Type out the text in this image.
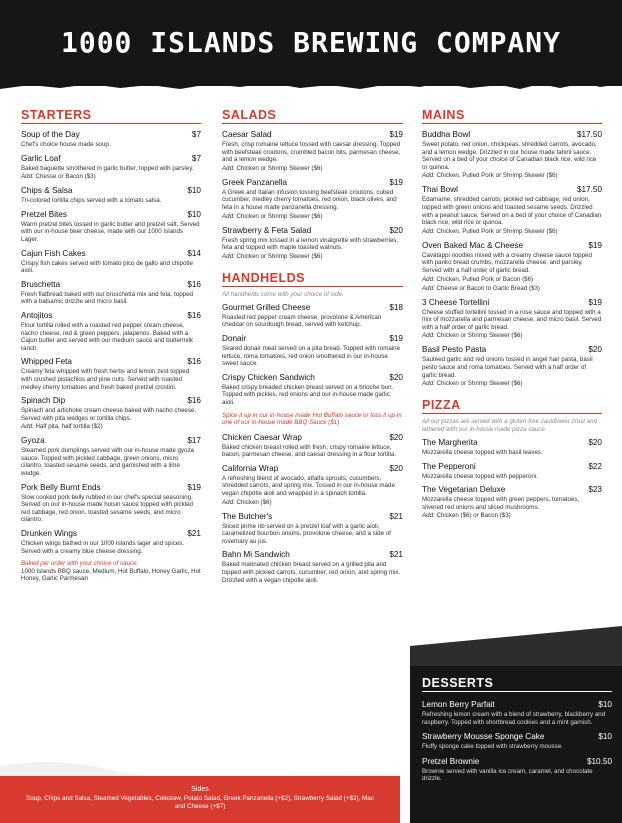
1000 ISLANDS BREWING COMPANY
STARTERS
Soup of the Day	$7
Chef's choice house made soup.
Garlic Loaf	$7
Baked baguette smothered in garlic butter, topped with parsley.
Add: Chesse or Bacon ($3)
Chips & Salsa	$10
Tri-colored tortilla chips served with a tomato salsa.
Pretzel Bites	$10
Warm pretzel bites tossed in garlic butter and pretzel salt. Served with our in-house beer cheese, made with our 1000 Islands Lager.
Cajun Fish Cakes	$14
Crispy fish cakes served with tomato pico de gallo and chipotle aioli.
Bruschetta	$16
Fresh flatbread baked with our bruschetta mix and feta, topped with a balsamic drizzle and micro basil.
Antojitos	$16
Flour tortilla rolled with a roasted red pepper cream cheese, nacho cheese, red & green peppers, jalapenos. Baked with a Cajun butter and served with our medium sauce and buttermilk ranch.
Whipped Feta	$16
Creamy feta whipped with fresh herbs and lemon zest topped with crushed pistachios and pine nuts. Served with roasted medley cherry tomatoes and fresh baked pretzel crostini.
Spinach Dip	$16
Spinach and artichoke cream cheese baked with nacho cheese. Served with pita wedges or tortilla chips.
Add: Half pita, half tortilla ($2)
Gyoza	$17
Steamed pork dumplings served with our in-house made gyoza sauce. Topped with pickled cabbage, green onions, micro cilantro, toasted sesame seeds, and garnished with a lime wedge.
Pork Belly Burnt Ends	$19
Slow cooked pork belly rubbed in our chef's special seasoning. Served on our in-house made hoisin sauce topped with pickled red cabbage, red onion, toasted sesame seeds, and micro cilantro.
Drunken Wings	$21
Chicken wings bathed in our 1000 Islands lager and spices. Served with a creamy blue cheese dressing.
Baked per order with your choice of sauce:
1000 Islands BBQ sauce, Medium, Hot Buffalo, Honey Garlic, Hot Honey, Garlic Parmesan
SALADS
Caesar Salad	$19
Fresh, crisp romaine lettuce tossed with caesar dressing. Topped with beefsteak croutons, crumbled bacon bits, parmesan cheese, and a lemon wedge.
Add: Chicken or Shrimp Skewer ($6)
Greek Panzanella	$19
A Greek and Italian infusion tossing beefsteak croutons, cubed cucumber, medley cherry tomatoes, red onion, black olives, and feta in a house made panzanella dressing.
Add: Chicken or Shrimp Skewer ($6)
Strawberry & Feta Salad	$20
Fresh spring mix tossed in a lemon vinaigrette with strawberries, feta and topped with maple toasted walnuts.
Add: Chicken or Shrimp Skewer ($6)
HANDHELDS
All handhelds come with your choice of side.
Gourmet Grilled Cheese	$18
Roasted red pepper cream cheese, provolone & American cheddar on sourdough bread, served with ketchup.
Donair	$19
Seared donair meat served on a pita bread. Topped with romaine lettuce, roma tomatoes, red onion smothered in our in-house sweet sauce.
Crispy Chicken Sandwich	$20
Baked crispy breaded chicken breast served on a brioche bun. Topped with pickles, red onions and our in-house made garlic aioli.
Spice it up in our in-house made Hot Buffalo sauce or toss it up in one of our in-house made BBQ Sauce ($1)
Chicken Caesar Wrap	$20
Baked chicken breast rolled with fresh, crispy romaine lettuce, bacon, parmesan cheese, and caesar dressing in a flour tortilla.
California Wrap	$20
A refreshing blend of avocado, alfalfa sprouts, cucumbers, shredded carrots, and spring mix. Tossed in our in-house made vegan chipotle aioli and wrapped in a spinach tortilla.
Add: Chicken ($6)
The Butcher's	$21
Sliced prime rib served on a pretzel loaf with a garlic aioli, caramelized bourbon onions, provolone cheese, and a side of rosemary au jus.
Bahn Mi Sandwich	$21
Baked marinated chicken breast served on a grilled pita and topped with pickled carrots, cucumber, red onion, and spring mix. Drizzled with a vegan chipotle aioli.
MAINS
Buddha Bowl	$17.50
Sweet potato, red onion, chickpeas, shredded carrots, avocado, and a lemon wedge. Drizzled in our house made tahini sauce. Served on a bed of your choice of Canadian black rice, wild rice or quinoa.
Add: Chicken, Pulled Pork or Shrimp Skewer ($6)
Thai Bowl	$17.50
Edamame, shredded carrots, pickled red cabbage, red onion, topped with green onions and toasted sesame seeds. Drizzled with a peanut sauce. Served on a bed of your choice of Canadian black rice, wild rice or quinoa.
Add: Chicken, Pulled Pork or Shrimp Skewer ($6)
Oven Baked Mac & Cheese	$19
Cavatappi noodles mixed with a creamy cheese sauce topped with panko bread crumbs, mozzarella cheese, and parsley. Served with a half order of garlic bread.
Add: Chicken, Pulled Pork or Bacon ($6)
Add: Cheese or Bacon to Garlic Bread ($3)
3 Cheese Tortellini	$19
Cheese stuffed tortellini tossed in a rose sauce and topped with a mix of mozzarella and parmesan cheese, and micro basil. Served with a half order of garlic bread.
Add: Chicken or Shrimp Skewer ($6)
Basil Pesto Pasta	$20
Sautéed garlic and red onions tossed in angel hair pasta, basil pesto sauce and roma tomatoes. Served with a half order of garlic bread.
Add: Chicken or Shrimp Skewer ($6)
PIZZA
All our pizzas are served with a gluten-free cauliflower crust and lathered with our in-house made pizza sauce.
The Margherita	$20
Mozzarella cheese topped with basil leaves.
The Pepperoni	$22
Mozzarella cheese topped with pepperoni.
The Vegetarian Deluxe	$23
Mozzarella cheese topped with green peppers, tomatoes, slivered red onions and sliced mushrooms.
Add: Chicken ($6) or Bacon ($3)
DESSERTS
Lemon Berry Parfait	$10
Refreshing lemon cream with a blend of strawberry, blackberry and raspberry. Topped with shortbread cookies and a mint garnish.
Strawberry Mousse Sponge Cake	$10
Fluffy sponge cake topped with strawberry mousse.
Pretzel Brownie	$10.50
Brownie served with vanilla ice cream, caramel, and chocolate drizzle.
Sides
Soup, Chips and Salsa, Steamed Vegetables, Coleslaw, Potato Salad, Greek Panzanella (+$2), Strawberry Salad (+$2), Mac and Cheese (+$7)
